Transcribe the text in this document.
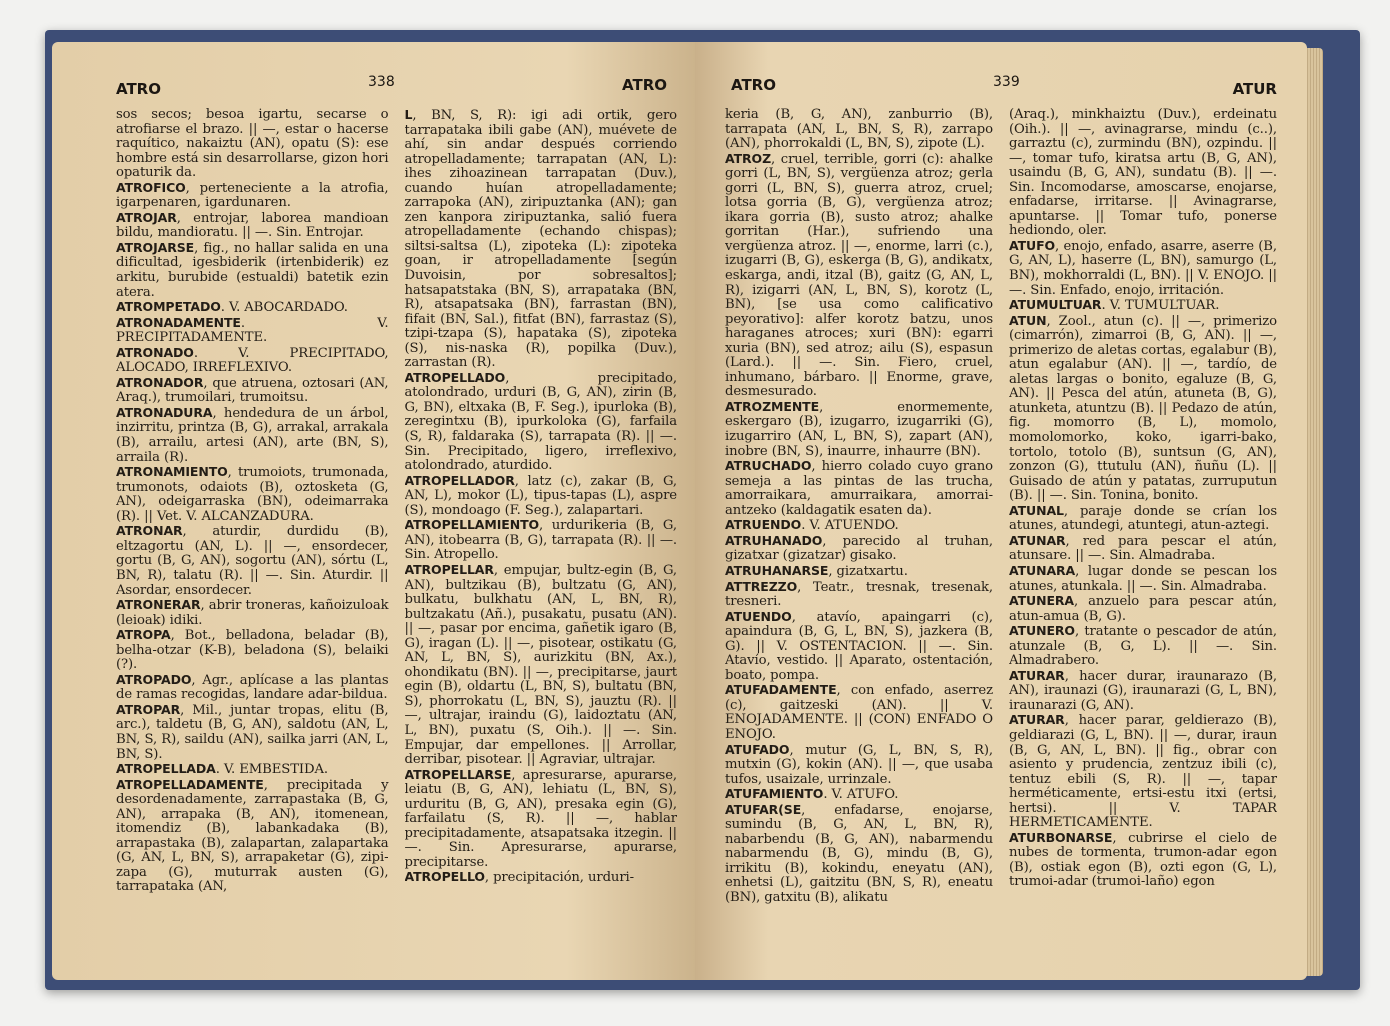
ATRO	338	ATRO

sos secos; besoa igartu, secarse o atrofiarse el brazo. || —, estar o hacerse raquítico, nakaiztu (AN), opatu (S): ese hombre está sin desarrollarse, gizon hori opaturik da.

ATROFICO, perteneciente a la atrofia, igarpenaren, igardunaren.

ATROJAR, entrojar, laborea mandioan bildu, mandioratu. || —. Sin. Entrojar.

ATROJARSE, fig., no hallar salida en una dificultad, igesbiderik (irtenbiderik) ez arkitu, burubide (estualdi) batetik ezin atera.

ATROMPETADO. V. ABOCARDADO.

ATRONADAMENTE. V. PRECIPITADAMENTE.

ATRONADO. V. PRECIPITADO, ALOCADO, IRREFLEXIVO.

ATRONADOR, que atruena, oztosari (AN, Araq.), trumoilari, trumoitsu.

ATRONADURA, hendedura de un árbol, inzirritu, printza (B, G), arrakal, arrakala (B), arrailu, artesi (AN), arte (BN, S), arraila (R).

ATRONAMIENTO, trumoiots, trumonada, trumonots, odaiots (B), oztosketa (G, AN), odeigarraska (BN), odeimarraka (R). || Vet. V. ALCANZADURA.

ATRONAR, aturdir, durdidu (B), eltzagortu (AN, L). || —, ensordecer, gortu (B, G, AN), sogortu (AN), sórtu (L, BN, R), talatu (R). || —. Sin. Aturdir. || Asordar, ensordecer.

ATRONERAR, abrir troneras, kañoizuloak (leioak) idiki.

ATROPA, Bot., belladona, beladar (B), belha-otzar (K-B), beladona (S), belaiki (?).

ATROPADO, Agr., aplícase a las plantas de ramas recogidas, landare adar-bildua.

ATROPAR, Mil., juntar tropas, elitu (B, arc.), taldetu (B, G, AN), saldotu (AN, L, BN, S, R), saildu (AN), sailka jarri (AN, L, BN, S).

ATROPELLADA. V. EMBESTIDA.

ATROPELLADAMENTE, precipitada y desordenadamente, zarrapastaka (B, G, AN), arrapaka (B, AN), itomenean, itomendiz (B), labankadaka (B), arrapastaka (B), zalapartan, zalapartaka (G, AN, L, BN, S), arrapaketar (G), zipi-zapa (G), muturrak austen (G), tarrapataka (AN,

L, BN, S, R): igi adi ortik, gero tarrapataka ibili gabe (AN), muévete de ahí, sin andar después corriendo atropelladamente; tarrapatan (AN, L): ihes zihoazinean tarrapatan (Duv.), cuando huían atropelladamente; zarrapoka (AN), ziripuztanka (AN); gan zen kanpora ziripuztanka, salió fuera atropelladamente (echando chispas); siltsi-saltsa (L), zipoteka (L): zipoteka goan, ir atropelladamente [según Duvoisin, por sobresaltos]; hatsapatstaka (BN, S), arrapataka (BN, R), atsapatsaka (BN), farrastan (BN), fifait (BN, Sal.), fitfat (BN), farrastaz (S), tzipi-tzapa (S), hapataka (S), zipoteka (S), nis-naska (R), popilka (Duv.), zarrastan (R).

ATROPELLADO, precipitado, atolondrado, urduri (B, G, AN), zirin (B, G, BN), eltxaka (B, F. Seg.), ipurloka (B), zeregintxu (B), ipurkoloka (G), farfaila (S, R), faldaraka (S), tarrapata (R). || —. Sin. Precipitado, ligero, irreflexivo, atolondrado, aturdido.

ATROPELLADOR, latz (c), zakar (B, G, AN, L), mokor (L), tipus-tapas (L), aspre (S), mondoago (F. Seg.), zalapartari.

ATROPELLAMIENTO, urdurikeria (B, G, AN), itobearra (B, G), tarrapata (R). || —. Sin. Atropello.

ATROPELLAR, empujar, bultz-egin (B, G, AN), bultzikau (B), bultzatu (G, AN), bulkatu, bulkhatu (AN, L, BN, R), bultzakatu (Añ.), pusakatu, pusatu (AN). || —, pasar por encima, gañetik igaro (B, G), iragan (L). || —, pisotear, ostikatu (G, AN, L, BN, S), aurizkitu (BN, Ax.), ohondikatu (BN). || —, precipitarse, jaurt egin (B), oldartu (L, BN, S), bultatu (BN, S), phorrokatu (L, BN, S), jauztu (R). || —, ultrajar, iraindu (G), laidoztatu (AN, L, BN), puxatu (S, Oih.). || —. Sin. Empujar, dar empellones. || Arrollar, derribar, pisotear. || Agraviar, ultrajar.

ATROPELLARSE, apresurarse, apurarse, leiatu (B, G, AN), lehiatu (L, BN, S), urduritu (B, G, AN), presaka egin (G), farfailatu (S, R). || —, hablar precipitadamente, atsapatsaka itzegin. || —. Sin. Apresurarse, apurarse, precipitarse.

ATROPELLO, precipitación, urduri-

ATRO	339	ATUR

keria (B, G, AN), zanburrio (B), tarrapata (AN, L, BN, S, R), zarrapo (AN), phorrokaldi (L, BN, S), zipote (L).

ATROZ, cruel, terrible, gorri (c): ahalke gorri (L, BN, S), vergüenza atroz; gerla gorri (L, BN, S), guerra atroz, cruel; lotsa gorria (B, G), vergüenza atroz; ikara gorria (B), susto atroz; ahalke gorritan (Har.), sufriendo una vergüenza atroz. || —, enorme, larri (c.), izugarri (B, G), eskerga (B, G), andikatx, eskarga, andi, itzal (B), gaitz (G, AN, L, R), izigarri (AN, L, BN, S), korotz (L, BN), [se usa como calificativo peyorativo]: alfer korotz batzu, unos haraganes atroces; xuri (BN): egarri xuria (BN), sed atroz; ailu (S), espasun (Lard.). || —. Sin. Fiero, cruel, inhumano, bárbaro. || Enorme, grave, desmesurado.

ATROZMENTE, enormemente, eskergaro (B), izugarro, izugarriki (G), izugarriro (AN, L, BN, S), zapart (AN), inobre (BN, S), inaurre, inhaurre (BN).

ATRUCHADO, hierro colado cuyo grano semeja a las pintas de las trucha, amorraikara, amurraikara, amorrai-antzeko (kaldagatik esaten da).

ATRUENDO. V. ATUENDO.

ATRUHANADO, parecido al truhan, gizatxar (gizatzar) gisako.

ATRUHANARSE, gizatxartu.

ATTREZZO, Teatr., tresnak, tresenak, tresneri.

ATUENDO, atavío, apaingarri (c), apaindura (B, G, L, BN, S), jazkera (B, G). || V. OSTENTACION. || —. Sin. Atavío, vestido. || Aparato, ostentación, boato, pompa.

ATUFADAMENTE, con enfado, aserrez (c), gaitzeski (AN). || V. ENOJADAMENTE. || (CON) ENFADO O ENOJO.

ATUFADO, mutur (G, L, BN, S, R), mutxin (G), kokin (AN). || —, que usaba tufos, usaizale, urrinzale.

ATUFAMIENTO. V. ATUFO.

ATUFAR(SE, enfadarse, enojarse, sumindu (B, G, AN, L, BN, R), nabarbendu (B, G, AN), nabarmendu nabarmendu (B, G), mindu (B, G), irrikitu (B), kokindu, eneyatu (AN), enhetsi (L), gaitzitu (BN, S, R), eneatu (BN), gatxitu (B), alikatu

(Araq.), minkhaiztu (Duv.), erdeinatu (Oih.). || —, avinagrarse, mindu (c..), garraztu (c), zurmindu (BN), ozpindu. || —, tomar tufo, kiratsa artu (B, G, AN), usaindu (B, G, AN), sundatu (B). || —. Sin. Incomodarse, amoscarse, enojarse, enfadarse, irritarse. || Avinagrarse, apuntarse. || Tomar tufo, ponerse hediondo, oler.

ATUFO, enojo, enfado, asarre, aserre (B, G, AN, L), haserre (L, BN), samurgo (L, BN), mokhorraldi (L, BN). || V. ENOJO. || —. Sin. Enfado, enojo, irritación.

ATUMULTUAR. V. TUMULTUAR.

ATUN, Zool., atun (c). || —, primerizo (cimarrón), zimarroi (B, G, AN). || —, primerizo de aletas cortas, egalabur (B), atun egalabur (AN). || —, tardío, de aletas largas o bonito, egaluze (B, G, AN). || Pesca del atún, atuneta (B, G), atunketa, atuntzu (B). || Pedazo de atún, fig. momorro (B, L), momolo, momolomorko, koko, igarri-bako, tortolo, totolo (B), suntsun (G, AN), zonzon (G), ttutulu (AN), ñuñu (L). || Guisado de atún y patatas, zurruputun (B). || —. Sin. Tonina, bonito.

ATUNAL, paraje donde se crían los atunes, atundegi, atuntegi, atun-aztegi.

ATUNAR, red para pescar el atún, atunsare. || —. Sin. Almadraba.

ATUNARA, lugar donde se pescan los atunes, atunkala. || —. Sin. Almadraba.

ATUNERA, anzuelo para pescar atún, atun-amua (B, G).

ATUNERO, tratante o pescador de atún, atunzale (B, G, L). || —. Sin. Almadrabero.

ATURAR, hacer durar, iraunarazo (B, AN), iraunazi (G), iraunarazi (G, L, BN), iraunarazi (G, AN).

ATURAR, hacer parar, geldierazo (B), geldiarazi (G, L, BN). || —, durar, iraun (B, G, AN, L, BN). || fig., obrar con asiento y prudencia, zentzuz ibili (c), tentuz ebili (S, R). || —, tapar herméticamente, ertsi-estu itxi (ertsi, hertsi). || V. TAPAR HERMETICAMENTE.

ATURBONARSE, cubrirse el cielo de nubes de tormenta, trumon-adar egon (B), ostiak egon (B), ozti egon (G, L), trumoi-adar (trumoi-laño) egon
